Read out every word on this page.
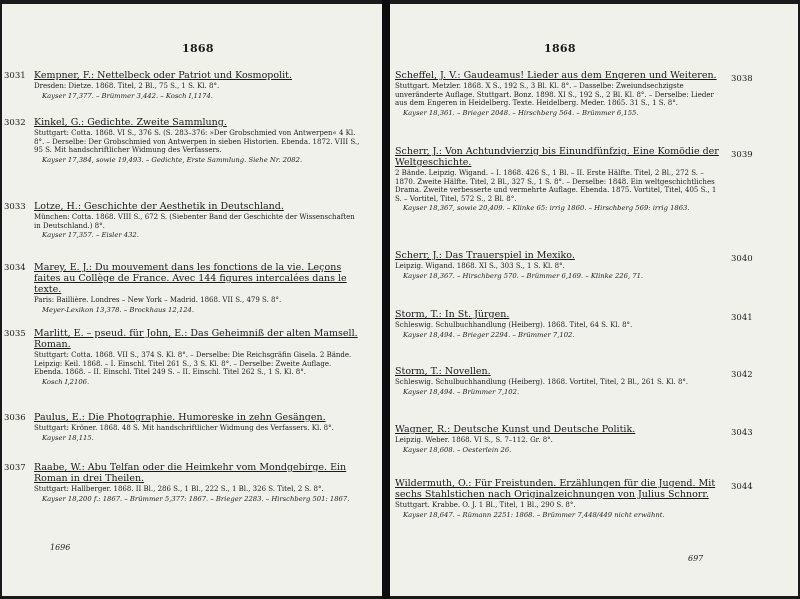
1868
3031 Kempner, F.: Nettelbeck oder Patriot und Kosmopolit.
Dresden: Dietze. 1868. Titel, 2 Bl., 75 S., 1 S. Kl. 8°.
Kayser 17,377. – Brümmer 3,442. – Kosch I,1174.
3032 Kinkel, G.: Gedichte. Zweite Sammlung.
Stuttgart: Cotta. 1868. VI S., 376 S. (S. 283–376: »Der Grobschmied von Antwerpen« 4 Kl. 8°. – Derselbe: Der Grobschmied von Antwerpen in sieben Historien. Ebenda. 1872. VIII S., 95 S. Mit handschriftlicher Widmung des Verfassers.
Kayser 17,384, sowie 19,493. – Gedichte, Erste Sammlung. Siehe Nr. 2082.
3033 Lotze, H.: Geschichte der Aesthetik in Deutschland.
München: Cotta. 1868. VIII S., 672 S. (Siebenter Band der Geschichte der Wissenschaften in Deutschland.) 8°.
Kayser 17,357. – Eisler 432.
3034 Marey, E. J.: Du mouvement dans les fonctions de la vie. Leçons faites au Collège de France. Avec 144 figures intercalées dans le texte.
Paris: Baillière. Londres – New York – Madrid. 1868. VII S., 479 S. 8°.
Meyer-Lexikon 13,378. – Brockhaus 12,124.
3035 Marlitt, E. – pseud. für John, E.: Das Geheimniß der alten Mamsell. Roman.
Stuttgart: Cotta. 1868. VII S., 374 S. Kl. 8°. – Derselbe: Die Reichsgräfin Gisela. 2 Bände. Leipzig: Keil. 1868. – I. Einschl. Titel 261 S., 3 S. Kl. 8°. – Derselbe: Zweite Auflage. Ebenda. 1868. – II. Einschl. Titel 249 S. – II. Einschl. Titel 262 S., 1 S. Kl. 8°.
Kosch I,2106.
3036 Paulus, E.: Die Photographie. Humoreske in zehn Gesängen.
Stuttgart: Kröner. 1868. 48 S. Mit handschriftlicher Widmung des Verfassers. Kl. 8°.
Kayser 18,115.
3037 Raabe, W.: Abu Telfan oder die Heimkehr vom Mondgebirge. Ein Roman in drei Theilen.
Stuttgart: Hallberger. 1868. II Bl., 286 S., 1 Bl., 222 S., 1 Bl., 326 S. Titel, 2 S. 8°.
Kayser 18,200 f.: 1867. – Brümmer 5,377: 1867. – Brieger 2283. – Hirschberg 501: 1867.
1696
1868
3038
Scheffel, J. V.: Gaudeamus! Lieder aus dem Engeren und Weiteren.
Stuttgart. Metzler. 1868. X S., 192 S., 3 Bl. Kl. 8°. – Dasselbe: Zweiundsechzigste unveränderte Auflage. Stuttgart. Bonz. 1898. XI S., 192 S., 2 Bl. Kl. 8°. – Derselbe: Lieder aus dem Engeren in Heidelberg. Texte. Heidelberg. Meder. 1865. 31 S., 1 S. 8°.
Kayser 18,361. – Brieger 2048. – Hirschberg 564. – Brümmer 6,155.
3039
Scherr, J.: Von Achtundvierzig bis Einundfünfzig. Eine Komödie der Weltgeschichte.
2 Bände. Leipzig. Wigand. – I. 1868. 426 S., 1 Bl. – II. Erste Hälfte. Titel, 2 Bl., 272 S. – 1870. Zweite Hälfte. Titel, 2 Bl., 327 S., 1 S. 8°. – Derselbe: 1848. Ein weltgeschichtliches Drama. Zweite verbesserte und vermehrte Auflage. Ebenda. 1875. Vortitel, Titel, 405 S., 1 S. – Vortitel, Titel, 572 S., 2 Bl. 8°.
Kayser 18,367, sowie 20,409. – Klinke 65: irrig 1860. – Hirschberg 569: irrig 1863.
3040
Scherr, J.: Das Trauerspiel in Mexiko.
Leipzig. Wigand. 1868. XI S., 303 S., 1 S. Kl. 8°.
Kayser 18,367. – Hirschberg 570. – Brümmer 6,169. – Klinke 226, 71.
3041
Storm, T.: In St. Jürgen.
Schleswig. Schulbuchhandlung (Heiberg). 1868. Titel, 64 S. Kl. 8°.
Kayser 18,494. – Brieger 2294. – Brümmer 7,102.
3042
Storm, T.: Novellen.
Schleswig. Schulbuchhandlung (Heiberg). 1868. Vortitel, Titel, 2 Bl., 261 S. Kl. 8°.
Kayser 18,494. – Brümmer 7,102.
3043
Wagner, R.: Deutsche Kunst und Deutsche Politik.
Leipzig. Weber. 1868. VI S., S. 7–112. Gr. 8°.
Kayser 18,608. – Oesterlein 26.
3044
Wildermuth, O.: Für Freistunden. Erzählungen für die Jugend. Mit sechs Stahlstichen nach Originalzeichnungen von Julius Schnorr.
Stuttgart. Krabbe. O. J. 1 Bl., Titel, 1 Bl., 290 S. 8°.
Kayser 18,647. – Rümann 2251: 1868. – Brümmer 7,448/449 nicht erwähnt.
697
